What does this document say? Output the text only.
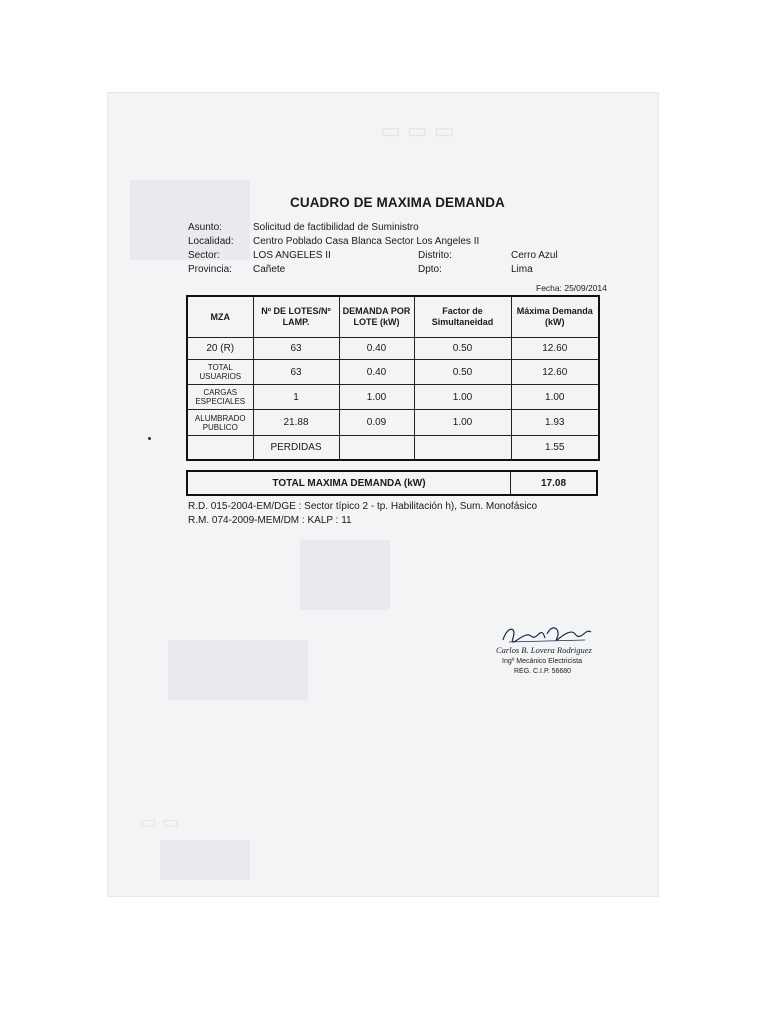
▭ ▭ ▭
▭ ▭
CUADRO DE MAXIMA DEMANDA
Asunto:	Solicitud de factibilidad de Suministro
Localidad: Centro Poblado Casa Blanca Sector Los Angeles II
Sector:	LOS ANGELES II	Distrito:	Cerro Azul
Provincia: Cañete	Dpto:	Lima
Fecha: 25/09/2014
MZA	Nº DE LOTES/Nº LAMP.	DEMANDA POR LOTE (kW)	Factor de Simultaneidad	Máxima Demanda (kW)
20 (R)	63	0.40	0.50	12.60
TOTAL USUARIOS	63	0.40	0.50	12.60
CARGAS ESPECIALES	1	1.00	1.00	1.00
ALUMBRADO PUBLICO	21.88	0.09	1.00	1.93
	PERDIDAS			1.55
TOTAL MAXIMA DEMANDA (kW)	17.08
R.D. 015-2004-EM/DGE : Sector típico 2 - tp. Habilitación h), Sum. Monofásico
R.M. 074-2009-MEM/DM : KALP : 11
Carlos B. Lovera Rodriguez
Ingº Mecánico Electricista
REG. C.I.P. 56680
